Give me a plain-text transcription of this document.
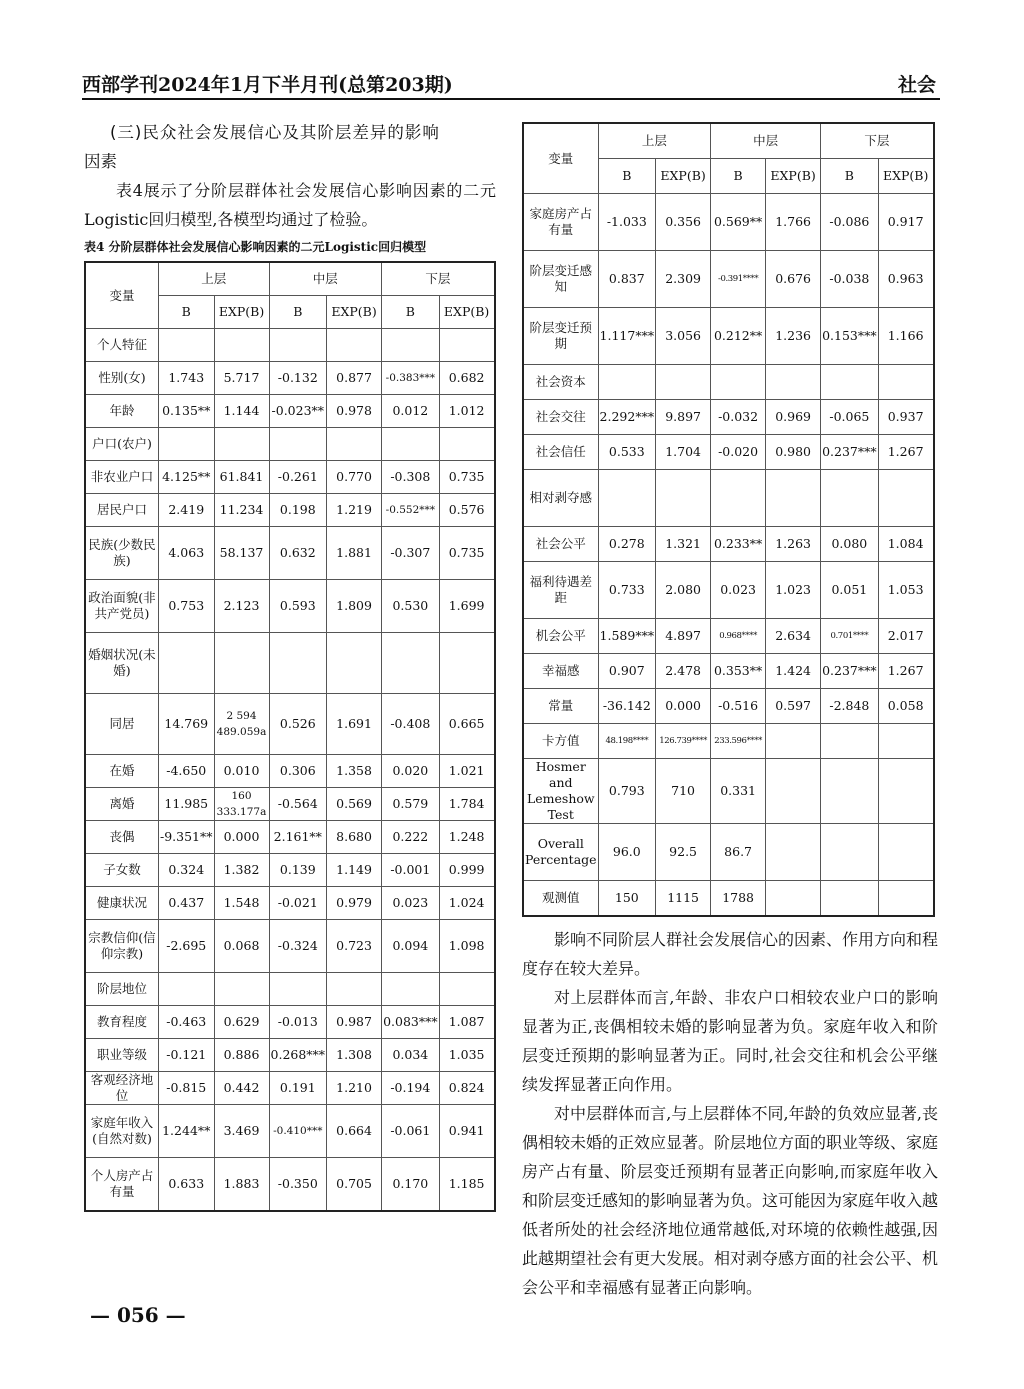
西部学刊2024年1月下半月刊(总第203期)	社会

(三)民众社会发展信心及其阶层差异的影响

因素

表4展示了分阶层群体社会发展信心影响因素的二元Logistic回归模型,各模型均通过了检验。

表4 分阶层群体社会发展信心影响因素的二元Logistic回归模型
变量	上层		中层		下层	
	B	EXP(B)	B	EXP(B)	B	EXP(B)
个人特征						
性别(女)	1.743	5.717	-0.132	0.877	-0.383***	0.682
年龄	0.135**	1.144	-0.023**	0.978	0.012	1.012
户口(农户)						
非农业户口	4.125**	61.841	-0.261	0.770	-0.308	0.735
居民户口	2.419	11.234	0.198	1.219	-0.552***	0.576
民族(少数民族)	4.063	58.137	0.632	1.881	-0.307	0.735
政治面貌(非共产党员)	0.753	2.123	0.593	1.809	0.530	1.699
婚姻状况(未婚)						
同居	14.769	2 594 489.059a	0.526	1.691	-0.408	0.665
在婚	-4.650	0.010	0.306	1.358	0.020	1.021
离婚	11.985	160 333.177a	-0.564	0.569	0.579	1.784
丧偶	-9.351**	0.000	2.161**	8.680	0.222	1.248
子女数	0.324	1.382	0.139	1.149	-0.001	0.999
健康状况	0.437	1.548	-0.021	0.979	0.023	1.024
宗教信仰(信仰宗教)	-2.695	0.068	-0.324	0.723	0.094	1.098
阶层地位						
教育程度	-0.463	0.629	-0.013	0.987	0.083***	1.087
职业等级	-0.121	0.886	0.268***	1.308	0.034	1.035
客观经济地位	-0.815	0.442	0.191	1.210	-0.194	0.824
家庭年收入(自然对数)	1.244**	3.469	-0.410***	0.664	-0.061	0.941
个人房产占有量	0.633	1.883	-0.350	0.705	0.170	1.185
变量	上层		中层		下层	
	B	EXP(B)	B	EXP(B)	B	EXP(B)
家庭房产占有量	-1.033	0.356	0.569**	1.766	-0.086	0.917
阶层变迁感知	0.837	2.309	-0.391****	0.676	-0.038	0.963
阶层变迁预期	1.117***	3.056	0.212**	1.236	0.153***	1.166
社会资本						
社会交往	2.292***	9.897	-0.032	0.969	-0.065	0.937
社会信任	0.533	1.704	-0.020	0.980	0.237***	1.267
相对剥夺感						
社会公平	0.278	1.321	0.233**	1.263	0.080	1.084
福利待遇差距	0.733	2.080	0.023	1.023	0.051	1.053
机会公平	1.589***	4.897	0.968****	2.634	0.701****	2.017
幸福感	0.907	2.478	0.353**	1.424	0.237***	1.267
常量	-36.142	0.000	-0.516	0.597	-2.848	0.058
卡方值	48.198****	126.739****	233.596****			
Hosmer and Lemeshow Test	0.793	710	0.331			
Overall Percentage	96.0	92.5	86.7			
观测值	150	1115	1788			

影响不同阶层人群社会发展信心的因素、作用方向和程度存在较大差异。

对上层群体而言,年龄、非农户口相较农业户口的影响显著为正,丧偶相较未婚的影响显著为负。家庭年收入和阶层变迁预期的影响显著为正。同时,社会交往和机会公平继续发挥显著正向作用。

对中层群体而言,与上层群体不同,年龄的负效应显著,丧偶相较未婚的正效应显著。阶层地位方面的职业等级、家庭房产占有量、阶层变迁预期有显著正向影响,而家庭年收入和阶层变迁感知的影响显著为负。这可能因为家庭年收入越低者所处的社会经济地位通常越低,对环境的依赖性越强,因此越期望社会有更大发展。相对剥夺感方面的社会公平、机会公平和幸福感有显著正向影响。

— 056 —
